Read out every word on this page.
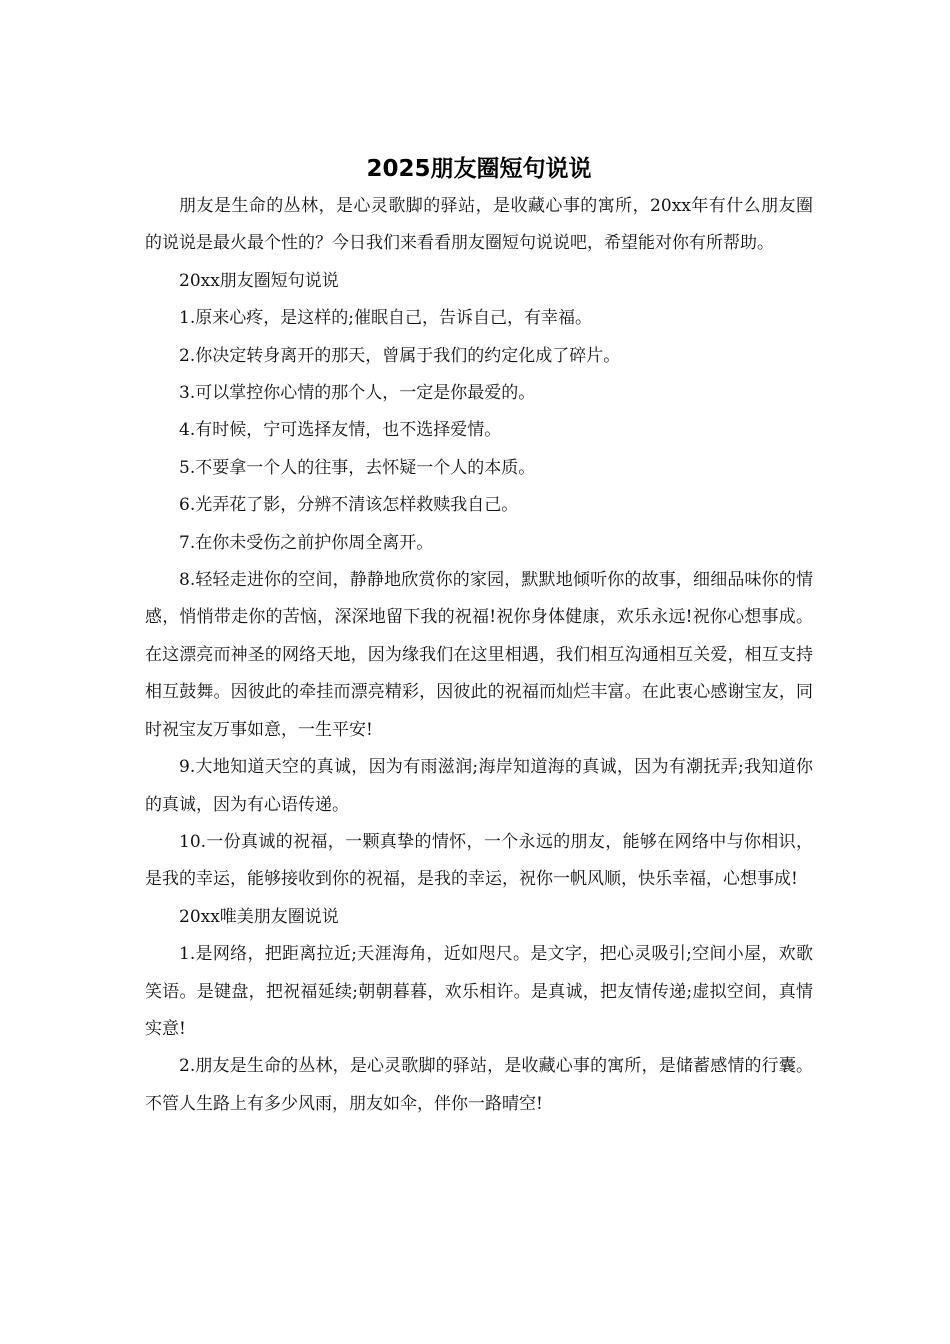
2025朋友圈短句说说

朋友是生命的丛林，是心灵歌脚的驿站，是收藏心事的寓所，20xx年有什么朋友圈的说说是最火最个性的？今日我们来看看朋友圈短句说说吧，希望能对你有所帮助。

20xx朋友圈短句说说

1.原来心疼，是这样的;催眠自己，告诉自己，有幸福。

2.你决定转身离开的那天，曾属于我们的约定化成了碎片。

3.可以掌控你心情的那个人，一定是你最爱的。

4.有时候，宁可选择友情，也不选择爱情。

5.不要拿一个人的往事，去怀疑一个人的本质。

6.光弄花了影，分辨不清该怎样救赎我自己。

7.在你未受伤之前护你周全离开。

8.轻轻走进你的空间，静静地欣赏你的家园，默默地倾听你的故事，细细品味你的情感，悄悄带走你的苦恼，深深地留下我的祝福!祝你身体健康，欢乐永远!祝你心想事成。在这漂亮而神圣的网络天地，因为缘我们在这里相遇，我们相互沟通相互关爱，相互支持相互鼓舞。因彼此的牵挂而漂亮精彩，因彼此的祝福而灿烂丰富。在此衷心感谢宝友，同时祝宝友万事如意，一生平安!

9.大地知道天空的真诚，因为有雨滋润;海岸知道海的真诚，因为有潮抚弄;我知道你的真诚，因为有心语传递。

10.一份真诚的祝福，一颗真挚的情怀，一个永远的朋友，能够在网络中与你相识，是我的幸运，能够接收到你的祝福，是我的幸运，祝你一帆风顺，快乐幸福，心想事成!

20xx唯美朋友圈说说

1.是网络，把距离拉近;天涯海角，近如咫尺。是文字，把心灵吸引;空间小屋，欢歌笑语。是键盘，把祝福延续;朝朝暮暮，欢乐相许。是真诚，把友情传递;虚拟空间，真情实意!

2.朋友是生命的丛林，是心灵歌脚的驿站，是收藏心事的寓所，是储蓄感情的行囊。不管人生路上有多少风雨，朋友如伞，伴你一路晴空!
